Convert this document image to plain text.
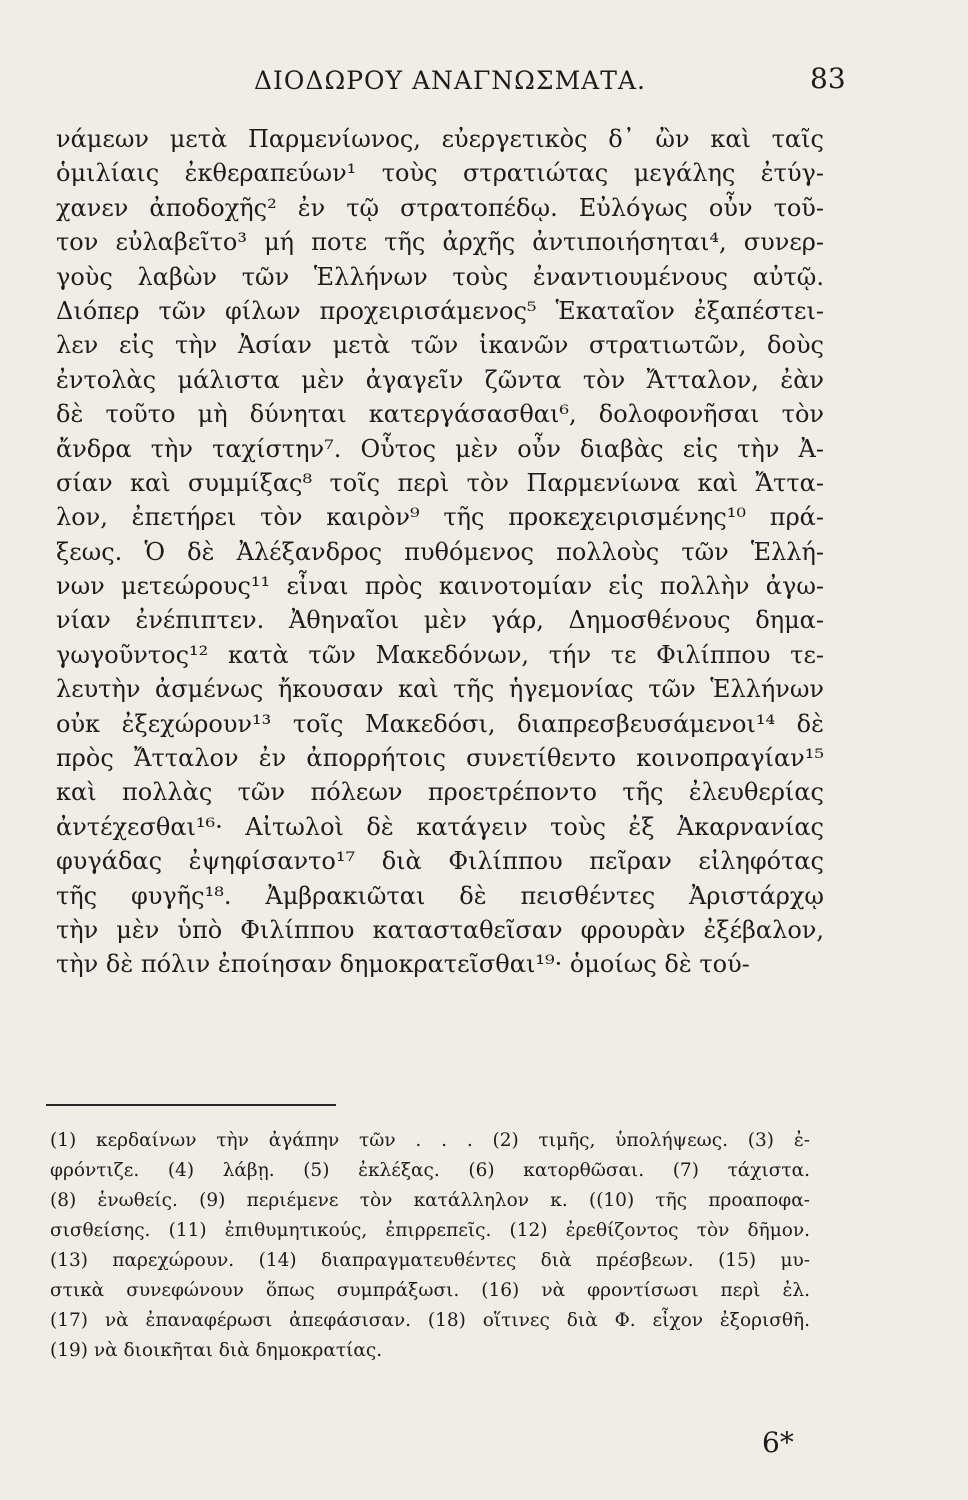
ΔΙΟΔΩΡΟΥ ΑΝΑΓΝΩΣΜΑΤΑ.	83
νάμεων μετὰ Παρμενίωνος, εὐεργετικὸς δ᾽ ὢν καὶ ταῖς
ὁμιλίαις ἐκθεραπεύων¹ τοὺς στρατιώτας μεγάλης ἐτύγ-
χανεν ἀποδοχῆς² ἐν τῷ στρατοπέδῳ. Εὐλόγως οὖν τοῦ-
τον εὐλαβεῖτο³ μή ποτε τῆς ἀρχῆς ἀντιποιήσηται⁴, συνερ-
γοὺς λαβὼν τῶν Ἑλλήνων τοὺς ἐναντιουμένους αὐτῷ.
Διόπερ τῶν φίλων προχειρισάμενος⁵ Ἑκαταῖον ἐξαπέστει-
λεν εἰς τὴν Ἀσίαν μετὰ τῶν ἱκανῶν στρατιωτῶν, δοὺς
ἐντολὰς μάλιστα μὲν ἀγαγεῖν ζῶντα τὸν Ἄτταλον, ἐὰν
δὲ τοῦτο μὴ δύνηται κατεργάσασθαι⁶, δολοφονῆσαι τὸν
ἄνδρα τὴν ταχίστην⁷. Οὗτος μὲν οὖν διαβὰς εἰς τὴν Ἀ-
σίαν καὶ συμμίξας⁸ τοῖς περὶ τὸν Παρμενίωνα καὶ Ἄττα-
λον, ἐπετήρει τὸν καιρὸν⁹ τῆς προκεχειρισμένης¹⁰ πρά-
ξεως. Ὁ δὲ Ἀλέξανδρος πυθόμενος πολλοὺς τῶν Ἑλλή-
νων μετεώρους¹¹ εἶναι πρὸς καινοτομίαν εἰς πολλὴν ἀγω-
νίαν ἐνέπιπτεν. Ἀθηναῖοι μὲν γάρ, Δημοσθένους δημα-
γωγοῦντος¹² κατὰ τῶν Μακεδόνων, τήν τε Φιλίππου τε-
λευτὴν ἀσμένως ἤκουσαν καὶ τῆς ἡγεμονίας τῶν Ἑλλήνων
οὐκ ἐξεχώρουν¹³ τοῖς Μακεδόσι, διαπρεσβευσάμενοι¹⁴ δὲ
πρὸς Ἄτταλον ἐν ἀπορρήτοις συνετίθεντο κοινοπραγίαν¹⁵
καὶ πολλὰς τῶν πόλεων προετρέποντο τῆς ἐλευθερίας
ἀντέχεσθαι¹⁶· Αἰτωλοὶ δὲ κατάγειν τοὺς ἐξ Ἀκαρνανίας
φυγάδας ἐψηφίσαντο¹⁷ διὰ Φιλίππου πεῖραν εἰληφότας
τῆς φυγῆς¹⁸. Ἀμβρακιῶται δὲ πεισθέντες Ἀριστάρχῳ
τὴν μὲν ὑπὸ Φιλίππου κατασταθεῖσαν φρουρὰν ἐξέβαλον,
τὴν δὲ πόλιν ἐποίησαν δημοκρατεῖσθαι¹⁹· ὁμοίως δὲ τού-
(1) κερδαίνων τὴν ἀγάπην τῶν . . . (2) τιμῆς, ὑπολήψεως. (3) ἐ-
φρόντιζε. (4) λάβῃ. (5) ἐκλέξας. (6) κατορθῶσαι. (7) τάχιστα.
(8) ἑνωθείς. (9) περιέμενε τὸν κατάλληλον κ. ((10) τῆς προαποφα-
σισθείσης. (11) ἐπιθυμητικούς, ἐπιρρεπεῖς. (12) ἐρεθίζοντος τὸν δῆμον.
(13) παρεχώρουν. (14) διαπραγματευθέντες διὰ πρέσβεων. (15) μυ-
στικὰ συνεφώνουν ὅπως συμπράξωσι. (16) νὰ φροντίσωσι περὶ ἐλ.
(17) νὰ ἐπαναφέρωσι ἀπεφάσισαν. (18) οἵτινες διὰ Φ. εἶχον ἐξορισθῆ.
(19) νὰ διοικῆται διὰ δημοκρατίας.
6*
